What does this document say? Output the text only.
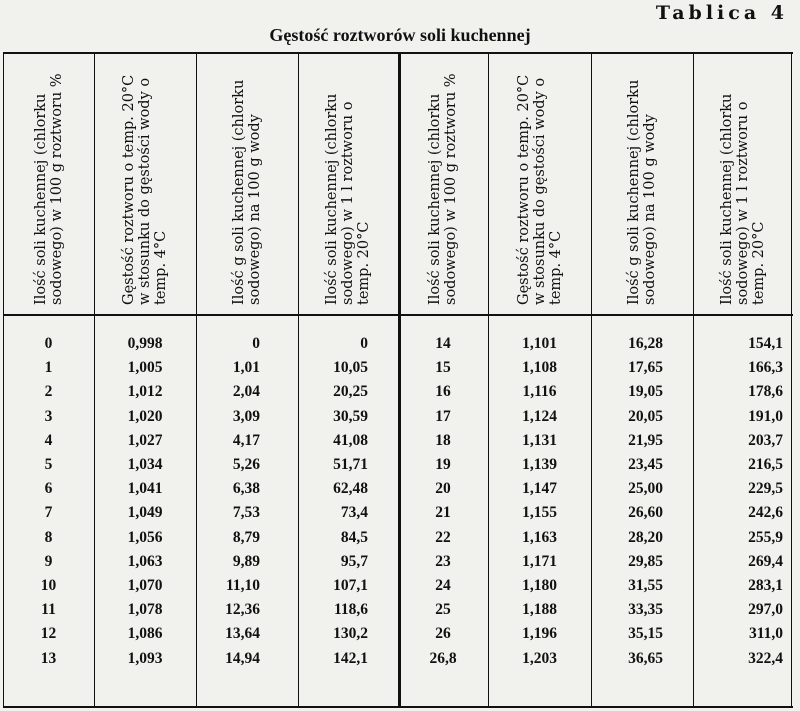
Tablica 4
Gęstość roztworów soli kuchennej
Ilość soli kuchennej (chlorku sodowego) w 100 g roztworu %	Gęstość roztworu o temp. 20°C w stosunku do gęstości wody o temp. 4°C	Ilość g soli kuchennej (chlorku sodowego) na 100 g wody	Ilość soli kuchennej (chlorku sodowego) w 1 l roztworu o temp. 20°C	Ilość soli kuchennej (chlorku sodowego) w 100 g roztworu %	Gęstość roztworu o temp. 20°C w stosunku do gęstości wody o temp. 4°C	Ilość g soli kuchennej (chlorku sodowego) na 100 g wody	Ilość soli kuchennej (chlorku sodowego) w 1 l roztworu o temp. 20°C
0	0,998	0	0	14	1,101	16,28	154,1
1	1,005	1,01	10,05	15	1,108	17,65	166,3
2	1,012	2,04	20,25	16	1,116	19,05	178,6
3	1,020	3,09	30,59	17	1,124	20,05	191,0
4	1,027	4,17	41,08	18	1,131	21,95	203,7
5	1,034	5,26	51,71	19	1,139	23,45	216,5
6	1,041	6,38	62,48	20	1,147	25,00	229,5
7	1,049	7,53	73,4	21	1,155	26,60	242,6
8	1,056	8,79	84,5	22	1,163	28,20	255,9
9	1,063	9,89	95,7	23	1,171	29,85	269,4
10	1,070	11,10	107,1	24	1,180	31,55	283,1
11	1,078	12,36	118,6	25	1,188	33,35	297,0
12	1,086	13,64	130,2	26	1,196	35,15	311,0
13	1,093	14,94	142,1	26,8	1,203	36,65	322,4
